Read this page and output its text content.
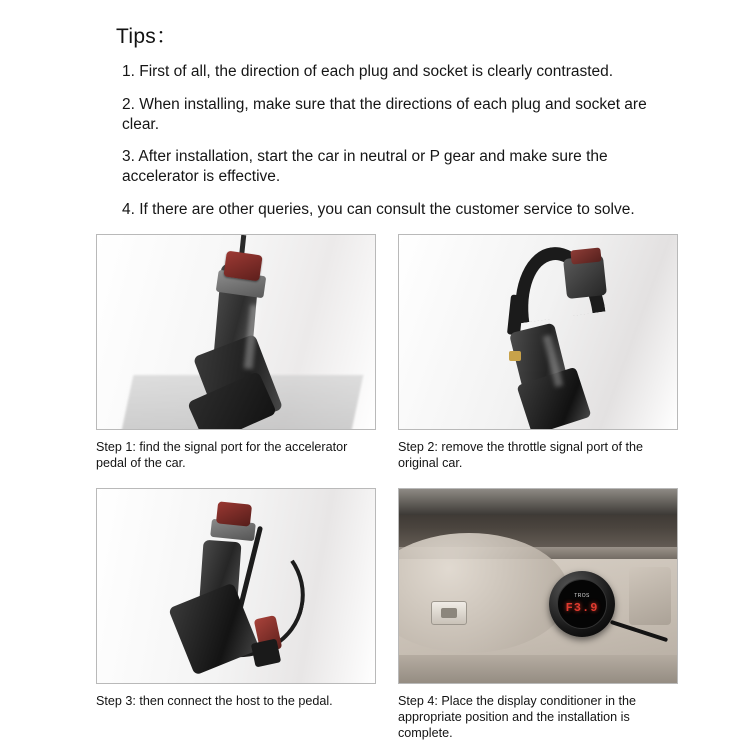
Tips：

1. First of all, the direction of each plug and socket is clearly contrasted.

2. When installing, make sure that the directions of each plug and socket are clear.

3. After installation, start the car in neutral or P gear and make sure the accelerator is effective.

4. If there are other queries, you can consult the customer service to solve.

Step 1: find the signal port for the accelerator pedal of the car.
Step 2: remove the throttle signal port of the original car.
Step 3: then connect the host to the pedal.
TROS
F3.9
Step 4: Place the display conditioner in the appropriate position and the installation is complete.
